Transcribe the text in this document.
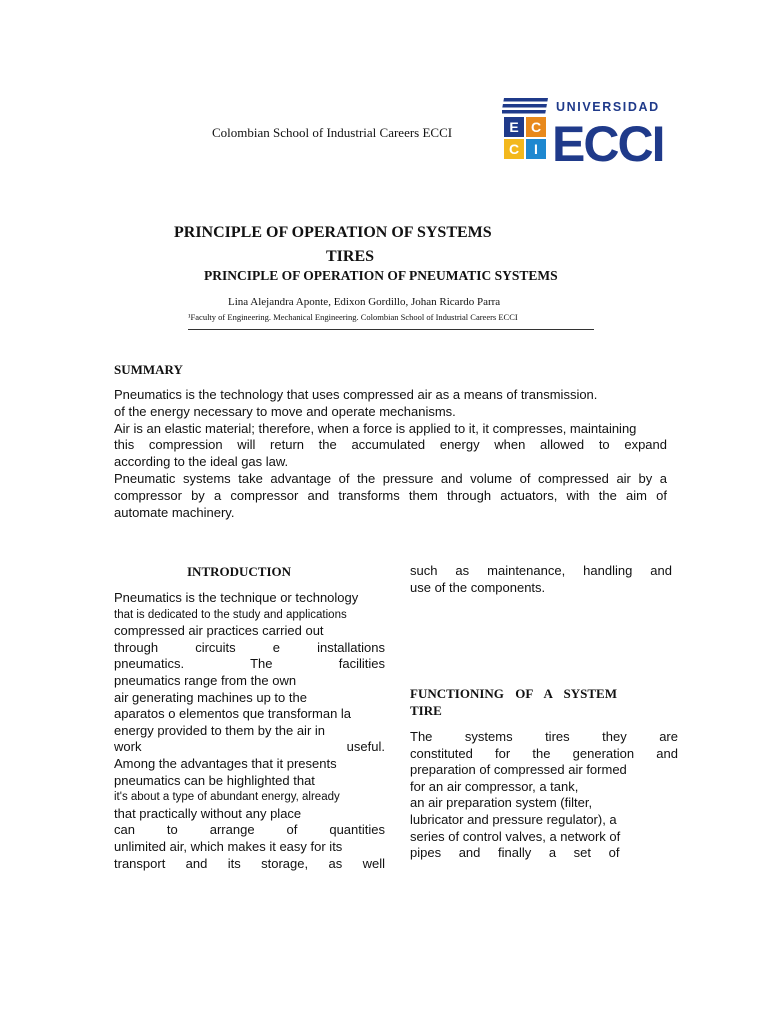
Colombian School of Industrial Careers ECCI	E C
C I
UNIVERSIDAD
ECCI
PRINCIPLE OF OPERATION OF SYSTEMS
TIRES
PRINCIPLE OF OPERATION OF PNEUMATIC SYSTEMS
Lina Alejandra Aponte, Edixon Gordillo, Johan Ricardo Parra
¹Faculty of Engineering. Mechanical Engineering. Colombian School of Industrial Careers ECCI
SUMMARY
Pneumatics is the technology that uses compressed air as a means of transmission.
of the energy necessary to move and operate mechanisms.
Air is an elastic material; therefore, when a force is applied to it, it compresses, maintaining
this compression will return the accumulated energy when allowed to expand
according to the ideal gas law.
Pneumatic systems take advantage of the pressure and volume of compressed air by a
compressor by a compressor and transforms them through actuators, with the aim of
automate machinery.
INTRODUCTION
Pneumatics is the technique or technology
that is dedicated to the study and applications
compressed air practices carried out
through circuits e installations
pneumatics. The facilities
pneumatics range from the own
air generating machines up to the
aparatos o elementos que transforman la
energy provided to them by the air in
work useful.
Among the advantages that it presents
pneumatics can be highlighted that
it's about a type of abundant energy, already
that practically without any place
can to arrange of quantities
unlimited air, which makes it easy for its
transport and its storage, as well
such as maintenance, handling and
use of the components.
FUNCTIONING OF A SYSTEM
TIRE
The systems tires they are
constituted for the generation and
preparation of compressed air formed
for an air compressor, a tank,
an air preparation system (filter,
lubricator and pressure regulator), a
series of control valves, a network of
pipes and finally a set of
